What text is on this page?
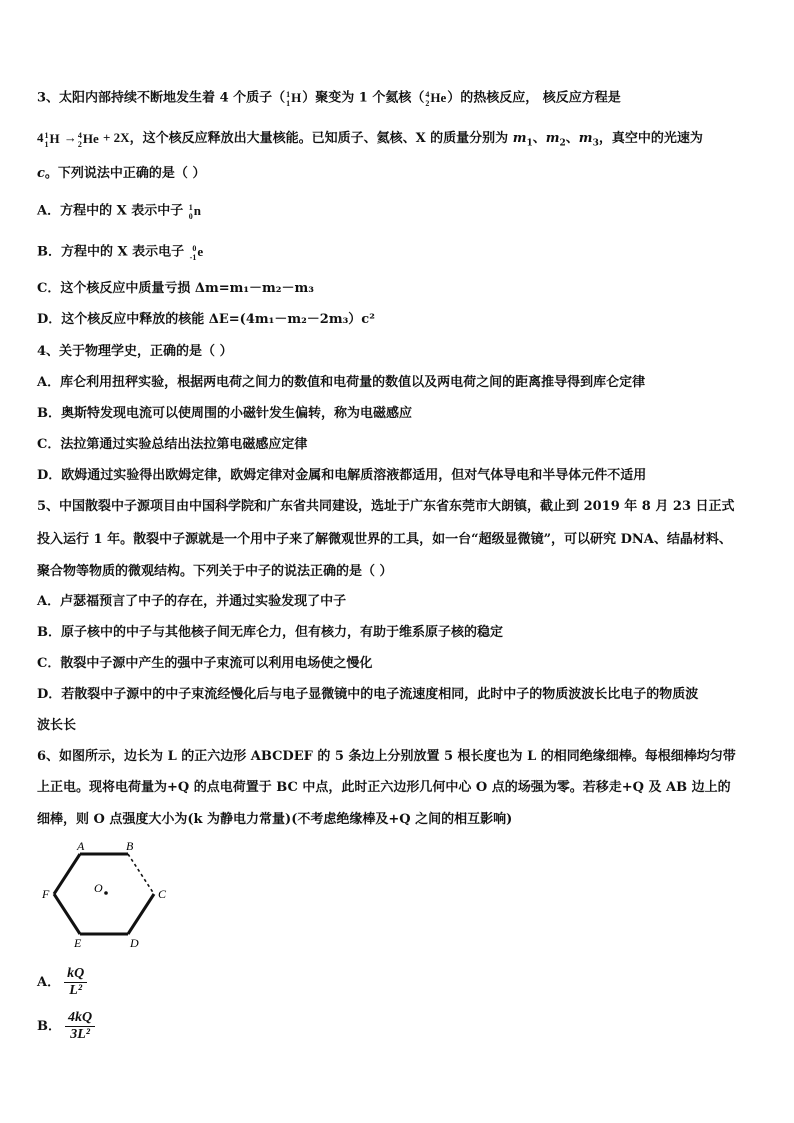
3、太阳内部持续不断地发生着 4 个质子（ 1
1 H）聚变为 1 个氦核（ 4
2 He）的热核反应， 核反应方程是
4 1
1 H → 4
2 He + 2X，这个核反应释放出大量核能。已知质子、氦核、X 的质量分别为 $m_1$、$m_2$、$m_3$，真空中的光速为
c。下列说法中正确的是（ ）
A．方程中的 X 表示中子 1
0 n
B．方程中的 X 表示电子 0
-1 e
C．这个核反应中质量亏损 Δm=m₁－m₂－m₃
D．这个核反应中释放的核能 ΔE=(4m₁－m₂－2m₃）c²
4、关于物理学史，正确的是（ ）
A．库仑利用扭秤实验，根据两电荷之间力的数值和电荷量的数值以及两电荷之间的距离推导得到库仑定律
B．奥斯特发现电流可以使周围的小磁针发生偏转，称为电磁感应
C．法拉第通过实验总结出法拉第电磁感应定律
D．欧姆通过实验得出欧姆定律，欧姆定律对金属和电解质溶液都适用，但对气体导电和半导体元件不适用
5、中国散裂中子源项目由中国科学院和广东省共同建设，选址于广东省东莞市大朗镇，截止到 2019 年 8 月 23 日正式
投入运行 1 年。散裂中子源就是一个用中子来了解微观世界的工具，如一台“超级显微镜”，可以研究 DNA、结晶材料、
聚合物等物质的微观结构。下列关于中子的说法正确的是（ ）
A．卢瑟福预言了中子的存在，并通过实验发现了中子
B．原子核中的中子与其他核子间无库仑力，但有核力，有助于维系原子核的稳定
C．散裂中子源中产生的强中子束流可以利用电场使之慢化
D．若散裂中子源中的中子束流经慢化后与电子显微镜中的电子流速度相同，此时中子的物质波波长比电子的物质波
波长长
6、如图所示，边长为 L 的正六边形 ABCDEF 的 5 条边上分别放置 5 根长度也为 L 的相同绝缘细棒。每根细棒均匀带
上正电。现将电荷量为+Q 的点电荷置于 BC 中点，此时正六边形几何中心 O 点的场强为零。若移走+Q 及 AB 边上的
细棒，则 O 点强度大小为(k 为静电力常量)(不考虑绝缘棒及+Q 之间的相互影响)
A	B
C
D
E
F	O
A． $\frac{kQ}{\text{L²}}$
B． $\frac{4kQ}{\text{3L²}}$
